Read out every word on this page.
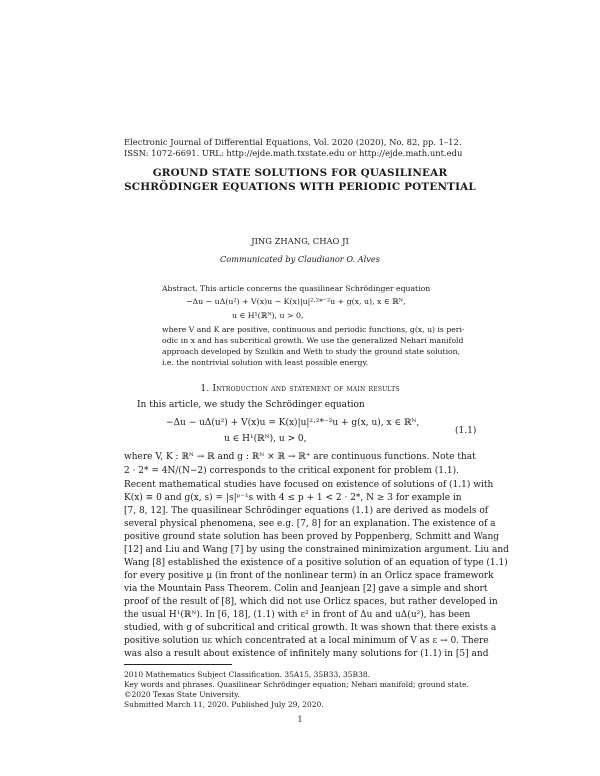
Electronic Journal of Differential Equations, Vol. 2020 (2020), No. 82, pp. 1–12.
ISSN: 1072-6691. URL: http://ejde.math.txstate.edu or http://ejde.math.unt.edu
GROUND STATE SOLUTIONS FOR QUASILINEAR
SCHRÖDINGER EQUATIONS WITH PERIODIC POTENTIAL
JING ZHANG, CHAO JI
Communicated by Claudianor O. Alves
Abstract. This article concerns the quasilinear Schrödinger equation
−Δu − uΔ(u²) + V(x)u − K(x)|u|²·²*⁻²u + g(x, u), x ∈ ℝᴺ,
u ∈ H¹(ℝᴺ), u > 0,
where V and K are positive, continuous and periodic functions, g(x, u) is peri-
odic in x and has subcritical growth. We use the generalized Nehari manifold
approach developed by Szulkin and Weth to study the ground state solution,
i.e. the nontrivial solution with least possible energy.
1. Introduction and statement of main results
In this article, we study the Schrödinger equation
−Δu − uΔ(u²) + V(x)u = K(x)|u|²·²*⁻²u + g(x, u), x ∈ ℝᴺ,
u ∈ H¹(ℝᴺ), u > 0,
(1.1)
where V, K : ℝᴺ → ℝ and g : ℝᴺ × ℝ → ℝ⁺ are continuous functions. Note that
2 · 2* = 4N/(N−2) corresponds to the critical exponent for problem (1.1).
Recent mathematical studies have focused on existence of solutions of (1.1) with
K(x) ≡ 0 and g(x, s) = |s|ᵖ⁻¹s with 4 ≤ p + 1 < 2 · 2*, N ≥ 3 for example in
[7, 8, 12]. The quasilinear Schrödinger equations (1.1) are derived as models of
several physical phenomena, see e.g. [7, 8] for an explanation. The existence of a
positive ground state solution has been proved by Poppenberg, Schmitt and Wang
[12] and Liu and Wang [7] by using the constrained minimization argument. Liu and
Wang [8] established the existence of a positive solution of an equation of type (1.1)
for every positive μ (in front of the nonlinear term) in an Orlicz space framework
via the Mountain Pass Theorem. Colin and Jeanjean [2] gave a simple and short
proof of the result of [8], which did not use Orlicz spaces, but rather developed in
the usual H¹(ℝᴺ). In [6, 18], (1.1) with ε² in front of Δu and uΔ(u²), has been
studied, with g of subcritical and critical growth. It was shown that there exists a
positive solution uε which concentrated at a local minimum of V as ε → 0. There
was also a result about existence of infinitely many solutions for (1.1) in [5] and
2010 Mathematics Subject Classification. 35A15, 35B33, 35B38.
Key words and phrases. Quasilinear Schrödinger equation; Nehari manifold; ground state.
©2020 Texas State University.
Submitted March 11, 2020. Published July 29, 2020.
1
